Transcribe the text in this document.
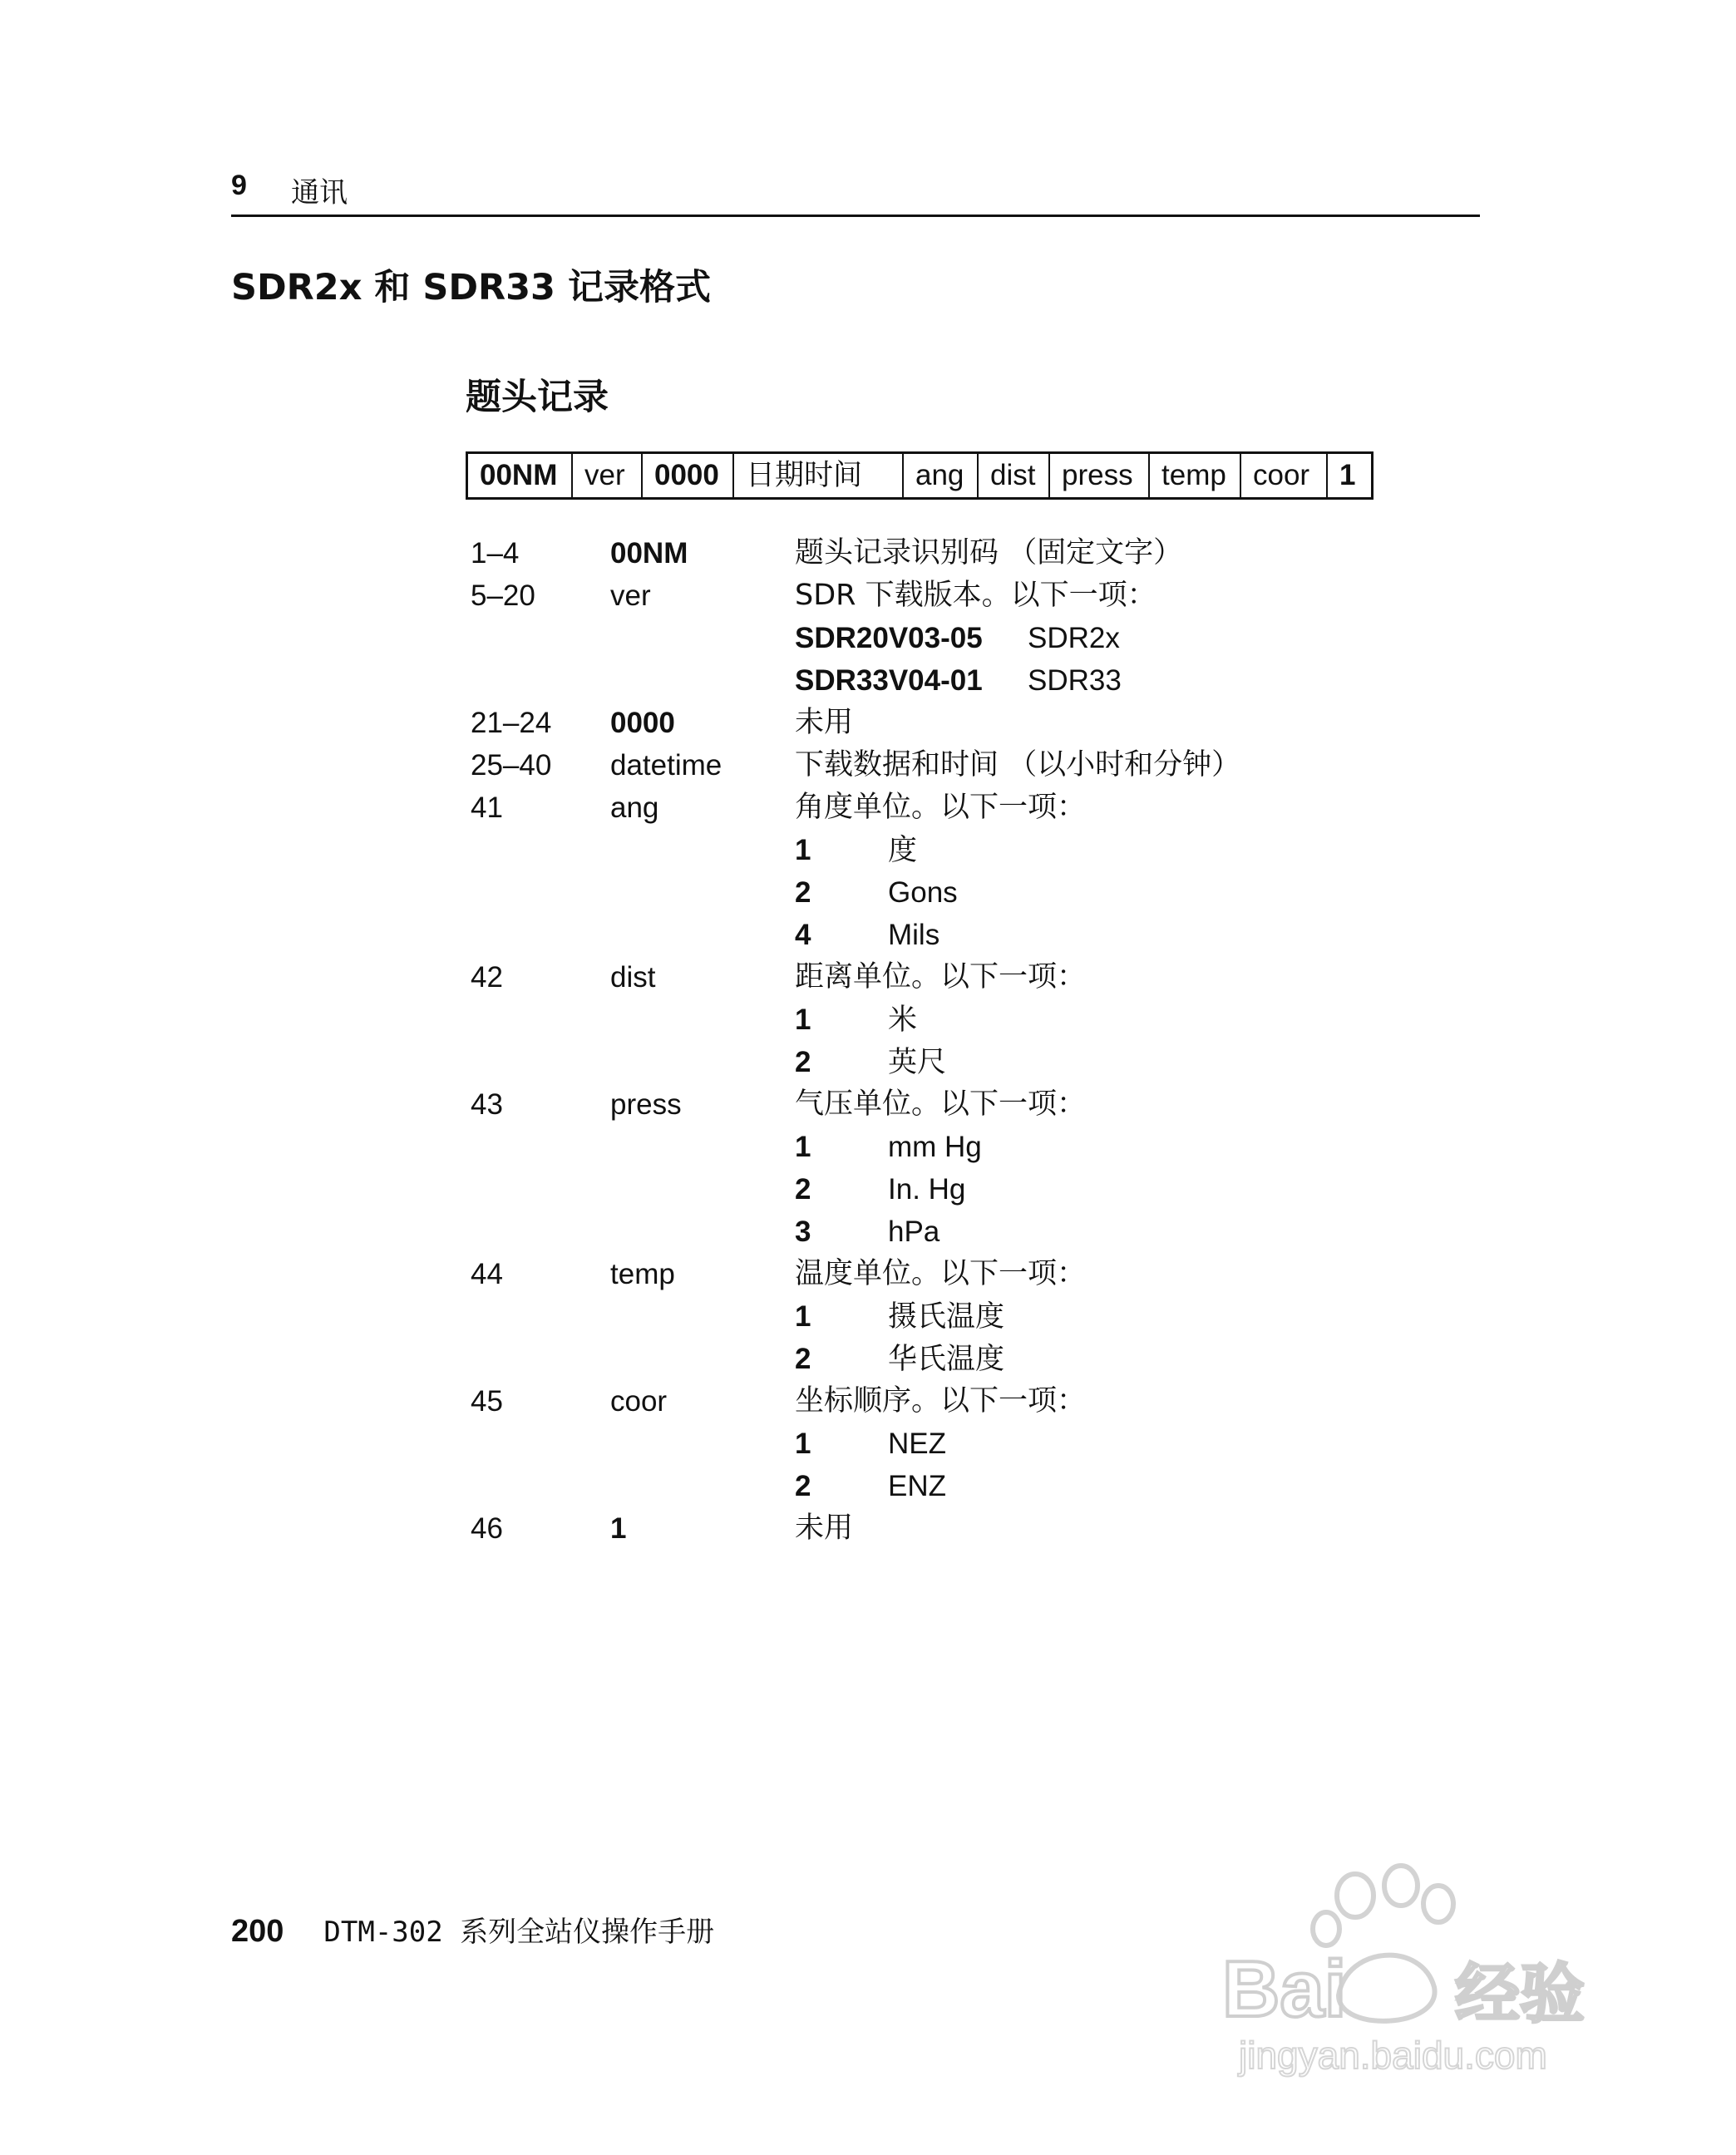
9 通讯
SDR2x 和 SDR33 记录格式
题头记录
00NM ver	0000 日期时间	ang dist press temp coor	1
1–4	00NM	题头记录识别码 （固定文字）
5–20	ver	SDR 下载版本。以下一项：
SDR20V03-05 SDR2x
SDR33V04-01 SDR33
21–24 0000	未用
25–40 datetime	下载数据和时间 （以小时和分钟）
41	ang	角度单位。以下一项：
1	度
2	Gons
4	Mils
42	dist	距离单位。以下一项：
1	米
2	英尺
43	press	气压单位。以下一项：
1	mm Hg
2	In. Hg
3	hPa
44	temp	温度单位。以下一项：
1	摄氏温度
2	华氏温度
45	coor	坐标顺序。以下一项：
1	NEZ
2	ENZ
46	1	未用
200 DTM-302 系列全站仪操作手册
Bai 经验
jingyan.baidu.com
